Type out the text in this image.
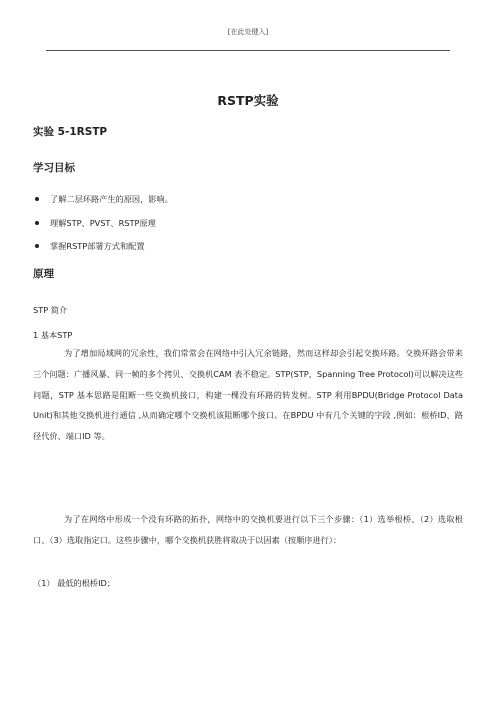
[在此处键入]
RSTP实验
实验 5-1RSTP
学习目标
了解二层环路产生的原因，影响。
理解STP、PVST、RSTP原理
掌握RSTP部署方式和配置
原理
STP 简介
1 基本STP

为了增加局域网的冗余性，我们常常会在网络中引入冗余链路，然而这样却会引起交换环路。交换环路会带来三个问题：广播风暴、同一帧的多个拷贝、交换机CAM 表不稳定。STP(STP，Spanning Tree Protocol)可以解决这些问题，STP 基本思路是阻断一些交换机接口，构建一棵没有环路的转发树。STP 利用BPDU(Bridge Protocol Data Unit)和其他交换机进行通信 ,从而确定哪个交换机该阻断哪个接口。在BPDU 中有几个关键的字段 ,例如：根桥ID、路径代价、端口ID 等。

为了在网络中形成一个没有环路的拓扑，网络中的交换机要进行以下三个步骤：（1）选举根桥、（2）选取根口、（3）选取指定口。这些步骤中，哪个交换机获胜将取决于以因素（按顺序进行）：

（1） 最低的根桥ID；
